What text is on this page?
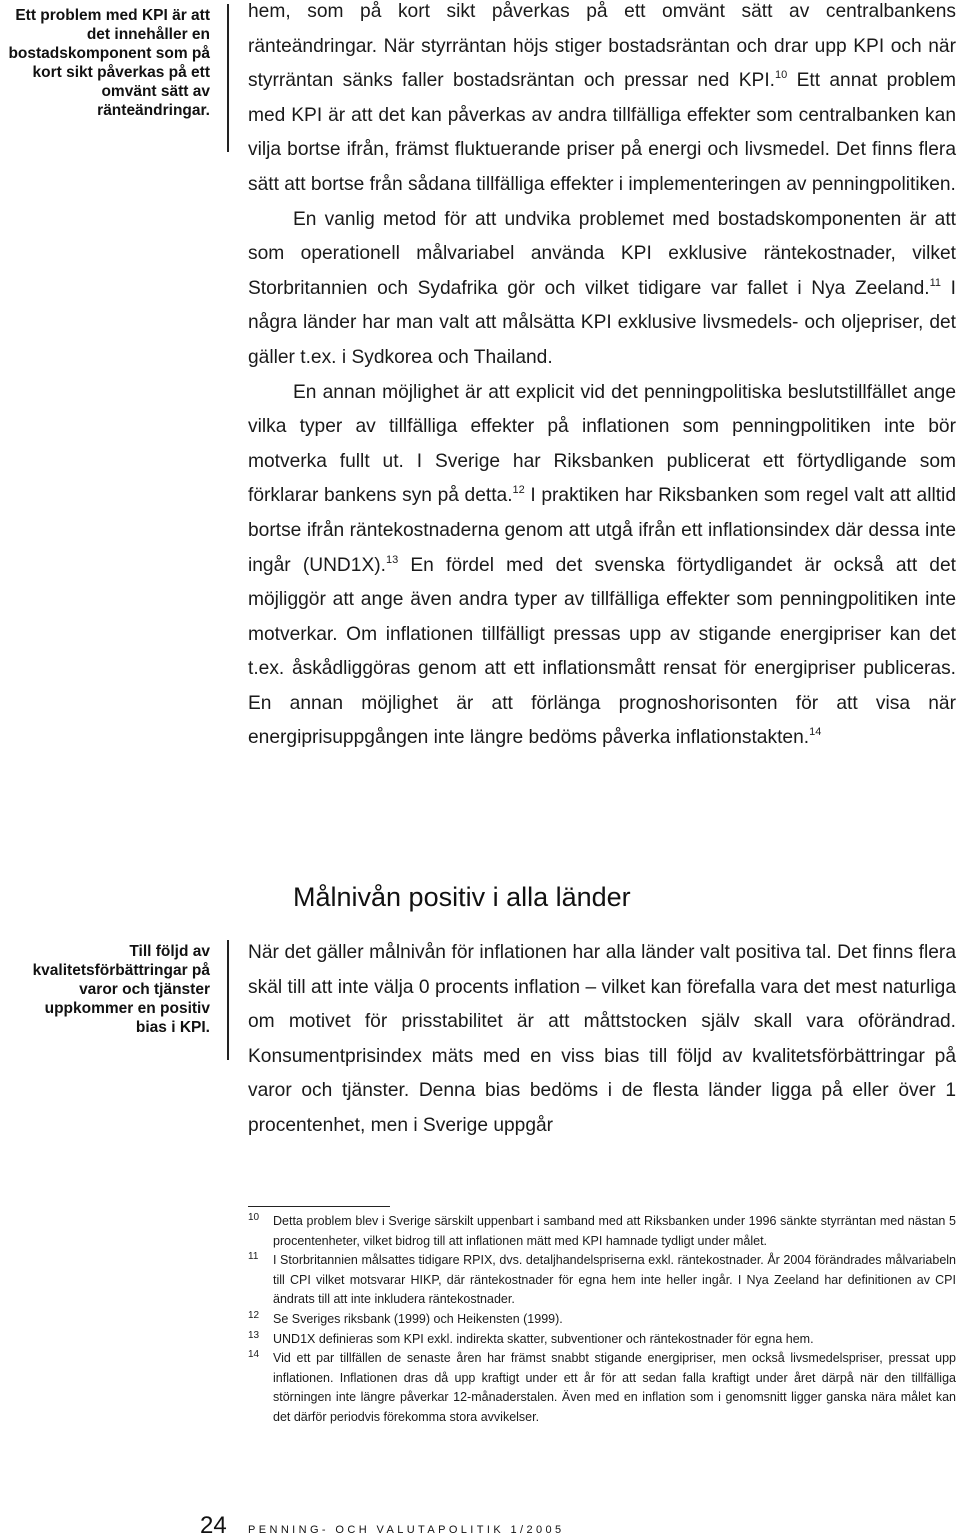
Ett problem med KPI är att det innehåller en bostadskomponent som på kort sikt påverkas på ett omvänt sätt av ränteändringar.
Till följd av kvalitetsförbättringar på varor och tjänster uppkommer en positiv bias i KPI.

hem, som på kort sikt påverkas på ett omvänt sätt av centralbankens ränteändringar. När styrräntan höjs stiger bostadsräntan och drar upp KPI och när styrräntan sänks faller bostadsräntan och pressar ned KPI.$^{10}$ Ett annat problem med KPI är att det kan påverkas av andra tillfälliga effekter som centralbanken kan vilja bortse ifrån, främst fluktuerande priser på energi och livsmedel. Det finns flera sätt att bortse från sådana tillfälliga effekter i implementeringen av penningpolitiken.

En vanlig metod för att undvika problemet med bostadskomponenten är att som operationell målvariabel använda KPI exklusive räntekostnader, vilket Storbritannien och Sydafrika gör och vilket tidigare var fallet i Nya Zeeland.$^{11}$ I några länder har man valt att målsätta KPI exklusive livsmedels- och oljepriser, det gäller t.ex. i Sydkorea och Thailand.

En annan möjlighet är att explicit vid det penningpolitiska beslutstillfället ange vilka typer av tillfälliga effekter på inflationen som penningpolitiken inte bör motverka fullt ut. I Sverige har Riksbanken publicerat ett förtydligande som förklarar bankens syn på detta.$^{12}$ I praktiken har Riksbanken som regel valt att alltid bortse ifrån räntekostnaderna genom att utgå ifrån ett inflationsindex där dessa inte ingår (UND1X).$^{13}$ En fördel med det svenska förtydligandet är också att det möjliggör att ange även andra typer av tillfälliga effekter som penningpolitiken inte motverkar. Om inflationen tillfälligt pressas upp av stigande energipriser kan det t.ex. åskådliggöras genom att ett inflationsmått rensat för energipriser publiceras. En annan möjlighet är att förlänga prognoshorisonten för att visa när energiprisuppgången inte längre bedöms påverka inflationstakten.$^{14}$

Målnivån positiv i alla länder

När det gäller målnivån för inflationen har alla länder valt positiva tal. Det finns flera skäl till att inte välja 0 procents inflation – vilket kan förefalla vara det mest naturliga om motivet för prisstabilitet är att måttstocken själv skall vara oförändrad. Konsumentprisindex mäts med en viss bias till följd av kvalitetsförbättringar på varor och tjänster. Denna bias bedöms i de flesta länder ligga på eller över 1 procentenhet, men i Sverige uppgår

10	Detta problem blev i Sverige särskilt uppenbart i samband med att Riksbanken under 1996 sänkte styrräntan med nästan 5 procentenheter, vilket bidrog till att inflationen mätt med KPI hamnade tydligt under målet.
11	I Storbritannien målsattes tidigare RPIX, dvs. detaljhandelspriserna exkl. räntekostnader. År 2004 förändrades målvariabeln till CPI vilket motsvarar HIKP, där räntekostnader för egna hem inte heller ingår. I Nya Zeeland har definitionen av CPI ändrats till att inte inkludera räntekostnader.
12	Se Sveriges riksbank (1999) och Heikensten (1999).
13	UND1X definieras som KPI exkl. indirekta skatter, subventioner och räntekostnader för egna hem.
14	Vid ett par tillfällen de senaste åren har främst snabbt stigande energipriser, men också livsmedelspriser, pressat upp inflationen. Inflationen dras då upp kraftigt under ett år för att sedan falla kraftigt under året därpå när den tillfälliga störningen inte längre påverkar 12-månaderstalen. Även med en inflation som i genomsnitt ligger ganska nära målet kan det därför periodvis förekomma stora avvikelser.
24 PENNING- OCH VALUTAPOLITIK 1/2005
